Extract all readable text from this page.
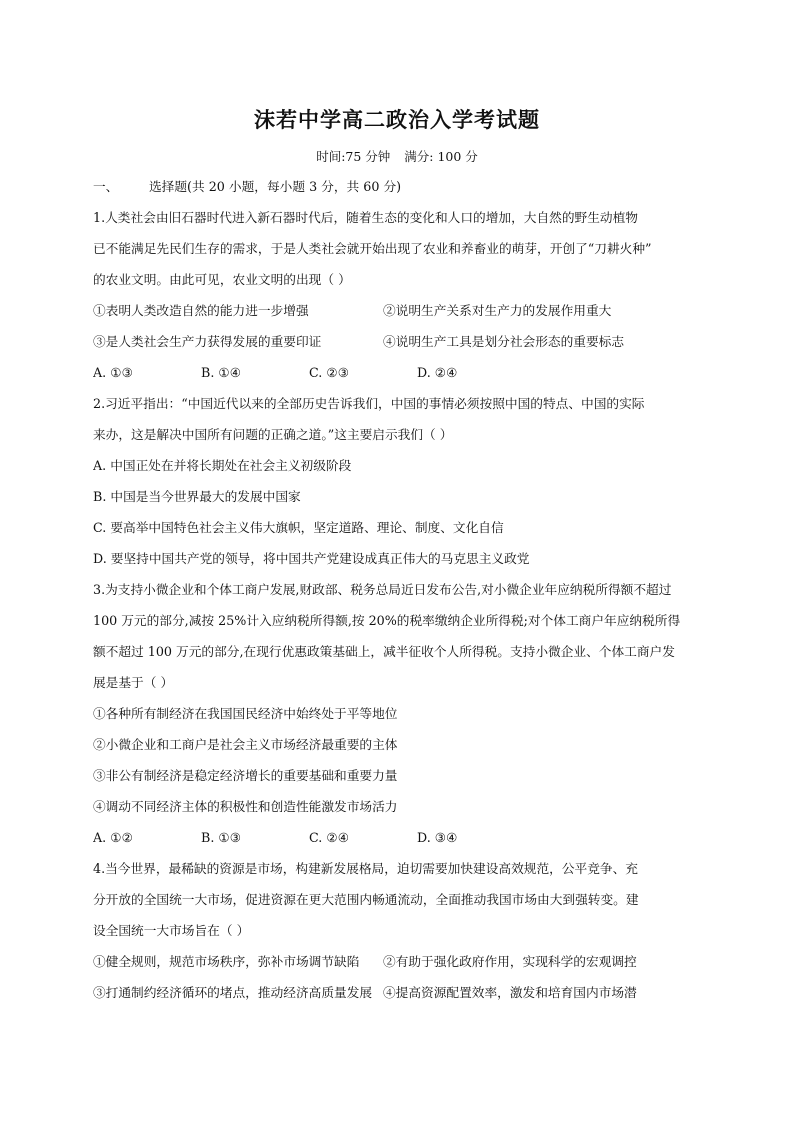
沫若中学高二政治入学考试题
时间:75 分钟 满分: 100 分
一、 选择题(共 20 小题，每小题 3 分，共 60 分)
1.人类社会由旧石器时代进入新石器时代后，随着生态的变化和人口的增加，大自然的野生动植物
已不能满足先民们生存的需求，于是人类社会就开始出现了农业和养畜业的萌芽，开创了“刀耕火种”
的农业文明。由此可见，农业文明的出现（ ）
①表明人类改造自然的能力进一步增强	②说明生产关系对生产力的发展作用重大
③是人类社会生产力获得发展的重要印证	④说明生产工具是划分社会形态的重要标志
A. ①③	B. ①④	C. ②③	D. ②④
2.习近平指出：“中国近代以来的全部历史告诉我们，中国的事情必须按照中国的特点、中国的实际
来办，这是解决中国所有问题的正确之道。”这主要启示我们（ ）
A. 中国正处在并将长期处在社会主义初级阶段
B. 中国是当今世界最大的发展中国家
C. 要高举中国特色社会主义伟大旗帜，坚定道路、理论、制度、文化自信
D. 要坚持中国共产党的领导，将中国共产党建设成真正伟大的马克思主义政党
3.为支持小微企业和个体工商户发展,财政部、税务总局近日发布公告,对小微企业年应纳税所得额不超过
100 万元的部分,减按 25%计入应纳税所得额,按 20%的税率缴纳企业所得税;对个体工商户年应纳税所得
额不超过 100 万元的部分,在现行优惠政策基础上，减半征收个人所得税。支持小微企业、个体工商户发
展是基于（ ）
①各种所有制经济在我国国民经济中始终处于平等地位
②小微企业和工商户是社会主义市场经济最重要的主体
③非公有制经济是稳定经济增长的重要基础和重要力量
④调动不同经济主体的积极性和创造性能激发市场活力
A. ①②	B. ①③	C. ②④	D. ③④
4.当今世界，最稀缺的资源是市场，构建新发展格局，迫切需要加快建设高效规范，公平竞争、充
分开放的全国统一大市场，促进资源在更大范围内畅通流动，全面推动我国市场由大到强转变。建
设全国统一大市场旨在（ ）
①健全规则，规范市场秩序，弥补市场调节缺陷	②有助于强化政府作用，实现科学的宏观调控
③打通制约经济循环的堵点，推动经济高质量发展 ④提高资源配置效率，激发和培育国内市场潜
